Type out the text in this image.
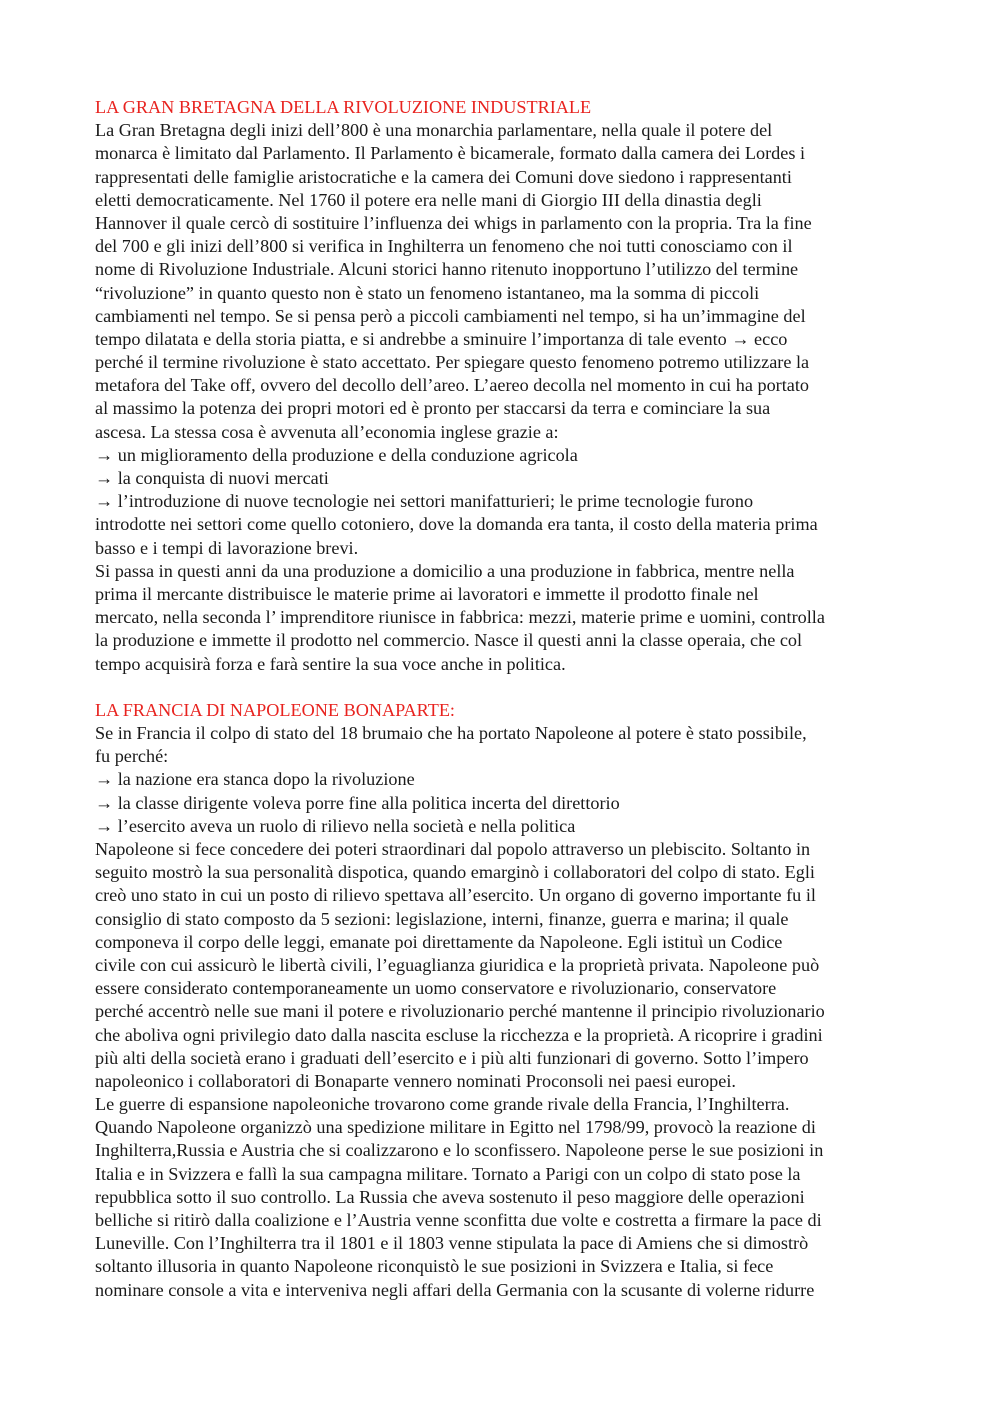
LA GRAN BRETAGNA DELLA RIVOLUZIONE INDUSTRIALE
La Gran Bretagna degli inizi dell’800 è una monarchia parlamentare, nella quale il potere del
monarca è limitato dal Parlamento. Il Parlamento è bicamerale, formato dalla camera dei Lordes i
rappresentati delle famiglie aristocratiche e la camera dei Comuni dove siedono i rappresentanti
eletti democraticamente. Nel 1760 il potere era nelle mani di Giorgio III della dinastia degli
Hannover il quale cercò di sostituire l’influenza dei whigs in parlamento con la propria. Tra la fine
del 700 e gli inizi dell’800 si verifica in Inghilterra un fenomeno che noi tutti conosciamo con il
nome di Rivoluzione Industriale. Alcuni storici hanno ritenuto inopportuno l’utilizzo del termine
“rivoluzione” in quanto questo non è stato un fenomeno istantaneo, ma la somma di piccoli
cambiamenti nel tempo. Se si pensa però a piccoli cambiamenti nel tempo, si ha un’immagine del
tempo dilatata e della storia piatta, e si andrebbe a sminuire l’importanza di tale evento → ecco
perché il termine rivoluzione è stato accettato. Per spiegare questo fenomeno potremo utilizzare la
metafora del Take off, ovvero del decollo dell’areo. L’aereo decolla nel momento in cui ha portato
al massimo la potenza dei propri motori ed è pronto per staccarsi da terra e cominciare la sua
ascesa. La stessa cosa è avvenuta all’economia inglese grazie a:
→ un miglioramento della produzione e della conduzione agricola
→ la conquista di nuovi mercati
→ l’introduzione di nuove tecnologie nei settori manifatturieri; le prime tecnologie furono
introdotte nei settori come quello cotoniero, dove la domanda era tanta, il costo della materia prima
basso e i tempi di lavorazione brevi.
Si passa in questi anni da una produzione a domicilio a una produzione in fabbrica, mentre nella
prima il mercante distribuisce le materie prime ai lavoratori e immette il prodotto finale nel
mercato, nella seconda l’ imprenditore riunisce in fabbrica: mezzi, materie prime e uomini, controlla
la produzione e immette il prodotto nel commercio. Nasce il questi anni la classe operaia, che col
tempo acquisirà forza e farà sentire la sua voce anche in politica.
LA FRANCIA DI NAPOLEONE BONAPARTE:
Se in Francia il colpo di stato del 18 brumaio che ha portato Napoleone al potere è stato possibile,
fu perché:
→ la nazione era stanca dopo la rivoluzione
→ la classe dirigente voleva porre fine alla politica incerta del direttorio
→ l’esercito aveva un ruolo di rilievo nella società e nella politica
Napoleone si fece concedere dei poteri straordinari dal popolo attraverso un plebiscito. Soltanto in
seguito mostrò la sua personalità dispotica, quando emarginò i collaboratori del colpo di stato. Egli
creò uno stato in cui un posto di rilievo spettava all’esercito. Un organo di governo importante fu il
consiglio di stato composto da 5 sezioni: legislazione, interni, finanze, guerra e marina; il quale
componeva il corpo delle leggi, emanate poi direttamente da Napoleone. Egli istituì un Codice
civile con cui assicurò le libertà civili, l’eguaglianza giuridica e la proprietà privata. Napoleone può
essere considerato contemporaneamente un uomo conservatore e rivoluzionario, conservatore
perché accentrò nelle sue mani il potere e rivoluzionario perché mantenne il principio rivoluzionario
che aboliva ogni privilegio dato dalla nascita escluse la ricchezza e la proprietà. A ricoprire i gradini
più alti della società erano i graduati dell’esercito e i più alti funzionari di governo. Sotto l’impero
napoleonico i collaboratori di Bonaparte vennero nominati Proconsoli nei paesi europei.
Le guerre di espansione napoleoniche trovarono come grande rivale della Francia, l’Inghilterra.
Quando Napoleone organizzò una spedizione militare in Egitto nel 1798/99, provocò la reazione di
Inghilterra,Russia e Austria che si coalizzarono e lo sconfissero. Napoleone perse le sue posizioni in
Italia e in Svizzera e fallì la sua campagna militare. Tornato a Parigi con un colpo di stato pose la
repubblica sotto il suo controllo. La Russia che aveva sostenuto il peso maggiore delle operazioni
belliche si ritirò dalla coalizione e l’Austria venne sconfitta due volte e costretta a firmare la pace di
Luneville. Con l’Inghilterra tra il 1801 e il 1803 venne stipulata la pace di Amiens che si dimostrò
soltanto illusoria in quanto Napoleone riconquistò le sue posizioni in Svizzera e Italia, si fece
nominare console a vita e interveniva negli affari della Germania con la scusante di volerne ridurre
